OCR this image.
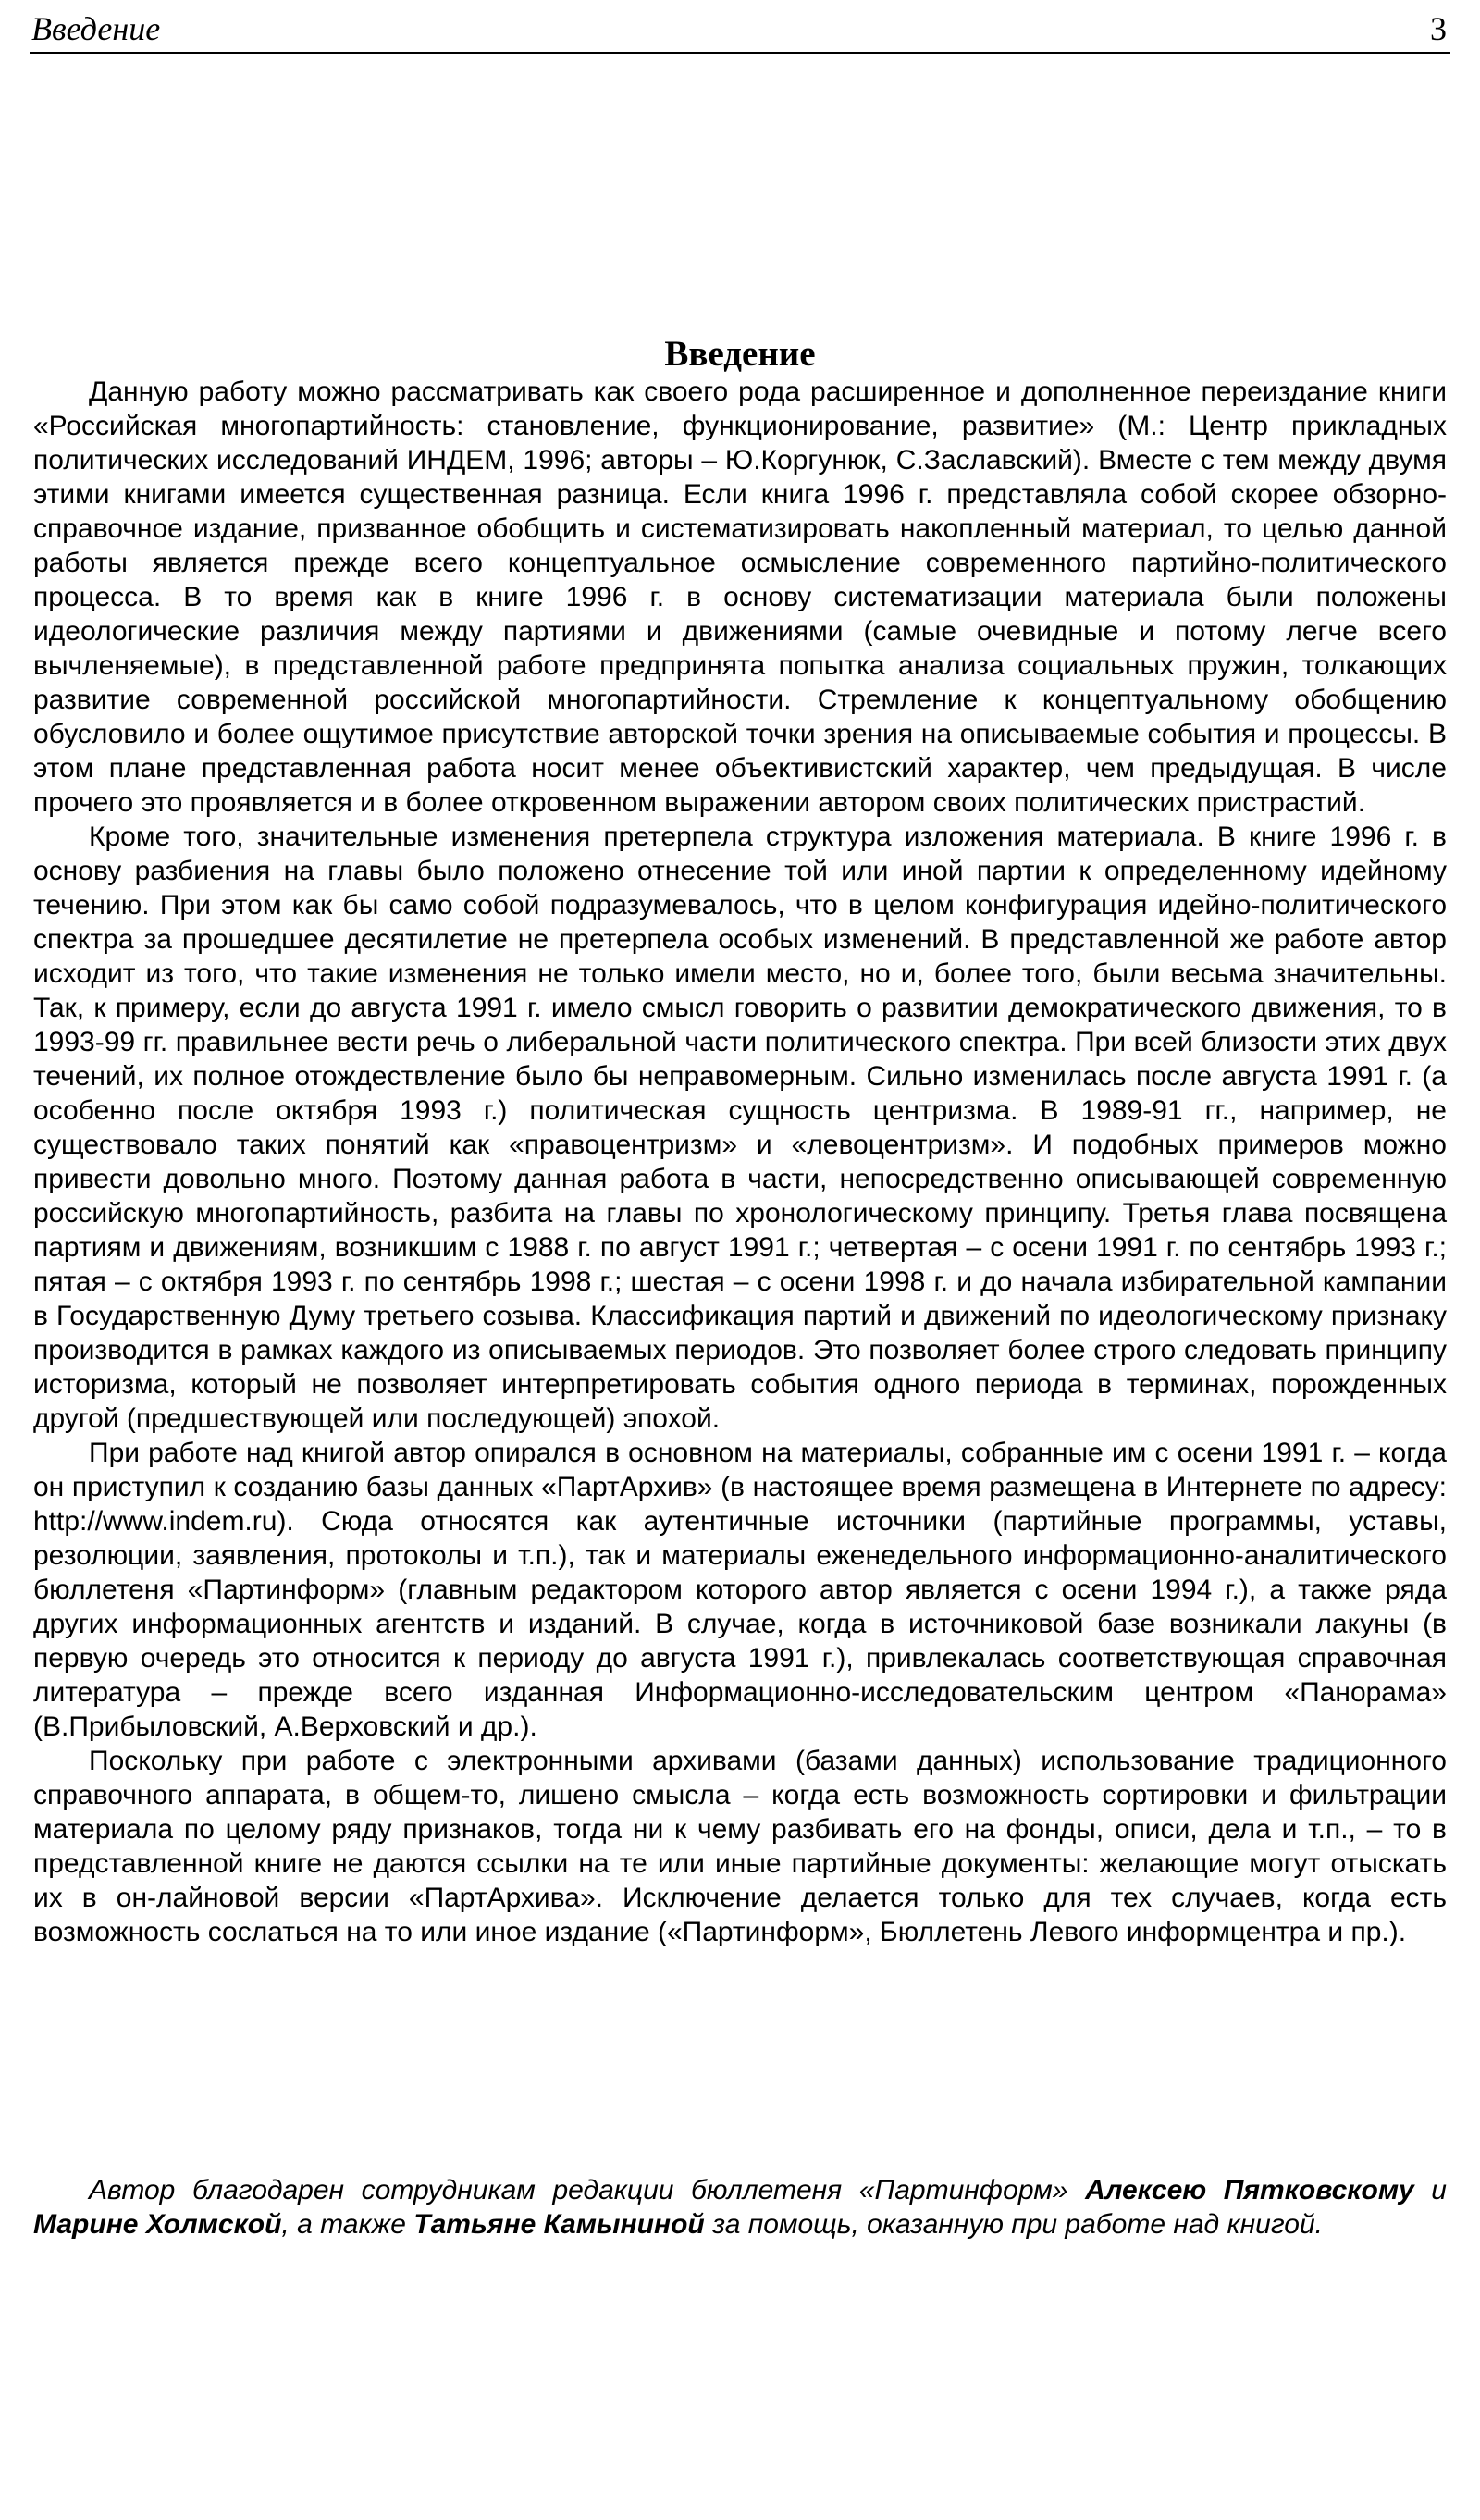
Введение	3
Введение

Данную работу можно рассматривать как своего рода расширенное и дополненное переиздание книги «Российская многопартийность: становление, функционирование, развитие» (М.: Центр прикладных политических исследований ИНДЕМ, 1996; авторы – Ю.Коргунюк, С.Заславский). Вместе с тем между двумя этими книгами имеется существенная разница. Если книга 1996 г. представляла собой скорее обзорно-справочное издание, призванное обобщить и систематизировать накопленный материал, то целью данной работы является прежде всего концептуальное осмысление современного партийно-политического процесса. В то время как в книге 1996 г. в основу систематизации материала были положены идеологические различия между партиями и движениями (самые очевидные и потому легче всего вычленяемые), в представленной работе предпринята попытка анализа социальных пружин, толкающих развитие современной российской многопартийности. Стремление к концептуальному обобщению обусловило и более ощутимое присутствие авторской точки зрения на описываемые события и процессы. В этом плане представленная работа носит менее объективистский характер, чем предыдущая. В числе прочего это проявляется и в более откровенном выражении автором своих политических пристрастий.

Кроме того, значительные изменения претерпела структура изложения материала. В книге 1996 г. в основу разбиения на главы было положено отнесение той или иной партии к определенному идейному течению. При этом как бы само собой подразумевалось, что в целом конфигурация идейно-политического спектра за прошедшее десятилетие не претерпела особых изменений. В представленной же работе автор исходит из того, что такие изменения не только имели место, но и, более того, были весьма значительны. Так, к примеру, если до августа 1991 г. имело смысл говорить о развитии демократического движения, то в 1993-99 гг. правильнее вести речь о либеральной части политического спектра. При всей близости этих двух течений, их полное отождествление было бы неправомерным. Сильно изменилась после августа 1991 г. (а особенно после октября 1993 г.) политическая сущность центризма. В 1989-91 гг., например, не существовало таких понятий как «правоцентризм» и «левоцентризм». И подобных примеров можно привести довольно много. Поэтому данная работа в части, непосредственно описывающей современную российскую многопартийность, разбита на главы по хронологическому принципу. Третья глава посвящена партиям и движениям, возникшим с 1988 г. по август 1991 г.; четвертая – с осени 1991 г. по сентябрь 1993 г.; пятая – с октября 1993 г. по сентябрь 1998 г.; шестая – с осени 1998 г. и до начала избирательной кампании в Государственную Думу третьего созыва. Классификация партий и движений по идеологическому признаку производится в рамках каждого из описываемых периодов. Это позволяет более строго следовать принципу историзма, который не позволяет интерпретировать события одного периода в терминах, порожденных другой (предшествующей или последующей) эпохой.

При работе над книгой автор опирался в основном на материалы, собранные им с осени 1991 г. – когда он приступил к созданию базы данных «ПартАрхив» (в настоящее время размещена в Интернете по адресу: http://www.indem.ru). Сюда относятся как аутентичные источники (партийные программы, уставы, резолюции, заявления, протоколы и т.п.), так и материалы еженедельного информационно-аналитического бюллетеня «Партинформ» (главным редактором которого автор является с осени 1994 г.), а также ряда других информационных агентств и изданий. В случае, когда в источниковой базе возникали лакуны (в первую очередь это относится к периоду до августа 1991 г.), привлекалась соответствующая справочная литература – прежде всего изданная Информационно-исследовательским центром «Панорама» (В.Прибыловский, А.Верховский и др.).

Поскольку при работе с электронными архивами (базами данных) использование традиционного справочного аппарата, в общем-то, лишено смысла – когда есть возможность сортировки и фильтрации материала по целому ряду признаков, тогда ни к чему разбивать его на фонды, описи, дела и т.п., – то в представленной книге не даются ссылки на те или иные партийные документы: желающие могут отыскать их в он-лайновой версии «ПартАрхива». Исключение делается только для тех случаев, когда есть возможность сослаться на то или иное издание («Партинформ», Бюллетень Левого информцентра и пр.).

Автор благодарен сотрудникам редакции бюллетеня «Партинформ» Алексею Пятковскому и Марине Холмской, а также Татьяне Камыниной за помощь, оказанную при работе над книгой.
